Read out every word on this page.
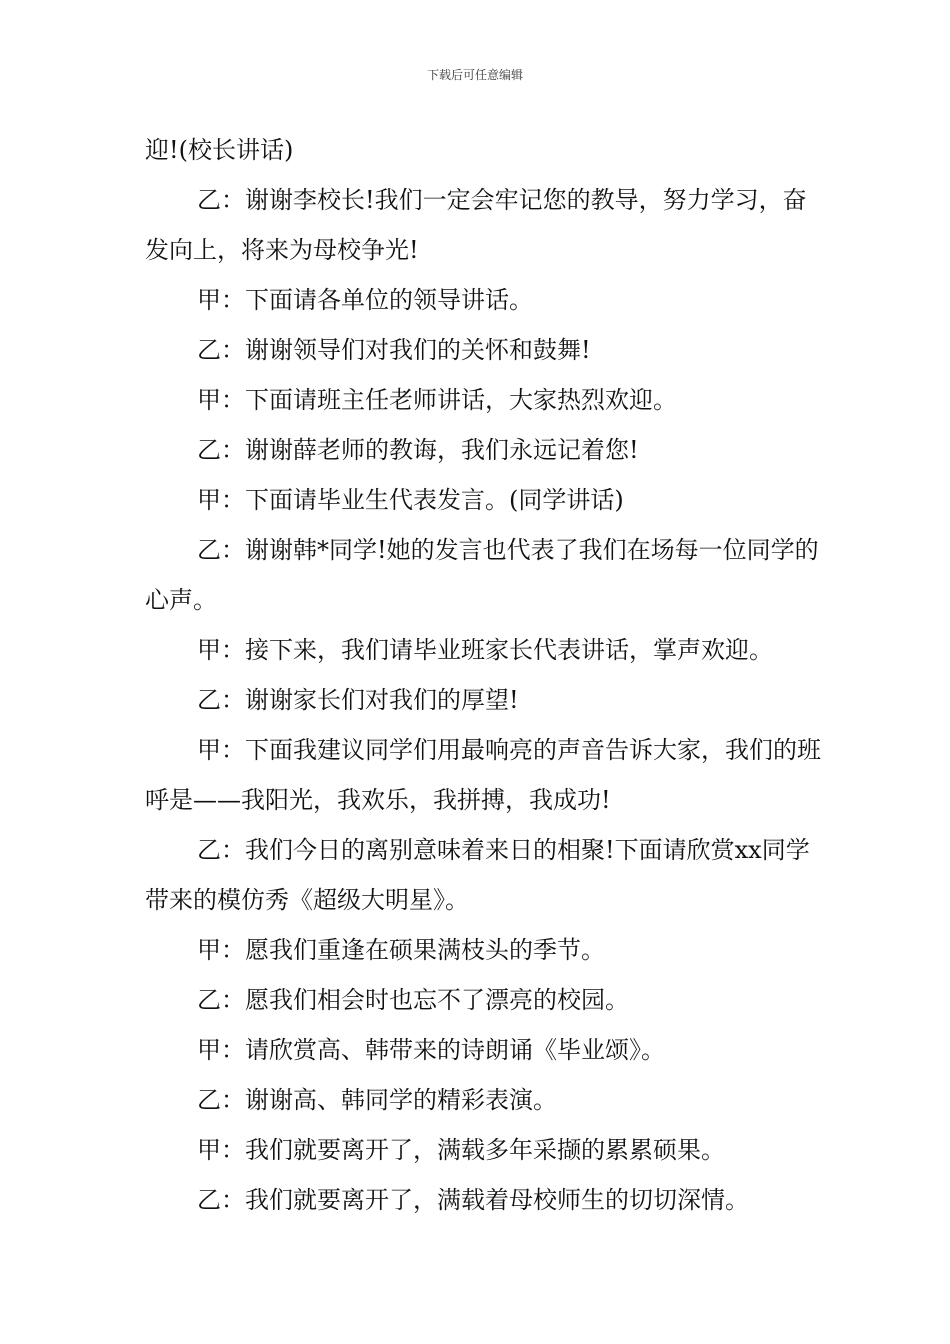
下载后可任意编辑

迎!(校长讲话)

乙：谢谢李校长!我们一定会牢记您的教导，努力学习，奋发向上，将来为母校争光!

甲：下面请各单位的领导讲话。

乙：谢谢领导们对我们的关怀和鼓舞!

甲：下面请班主任老师讲话，大家热烈欢迎。

乙：谢谢薛老师的教诲，我们永远记着您!

甲：下面请毕业生代表发言。(同学讲话)

乙：谢谢韩*同学!她的发言也代表了我们在场每一位同学的心声。

甲：接下来，我们请毕业班家长代表讲话，掌声欢迎。

乙：谢谢家长们对我们的厚望!

甲：下面我建议同学们用最响亮的声音告诉大家，我们的班呼是——我阳光，我欢乐，我拼搏，我成功!

乙：我们今日的离别意味着来日的相聚!下面请欣赏xx同学带来的模仿秀《超级大明星》。

甲：愿我们重逢在硕果满枝头的季节。

乙：愿我们相会时也忘不了漂亮的校园。

甲：请欣赏高、韩带来的诗朗诵《毕业颂》。

乙：谢谢高、韩同学的精彩表演。

甲：我们就要离开了，满载多年采撷的累累硕果。

乙：我们就要离开了，满载着母校师生的切切深情。
